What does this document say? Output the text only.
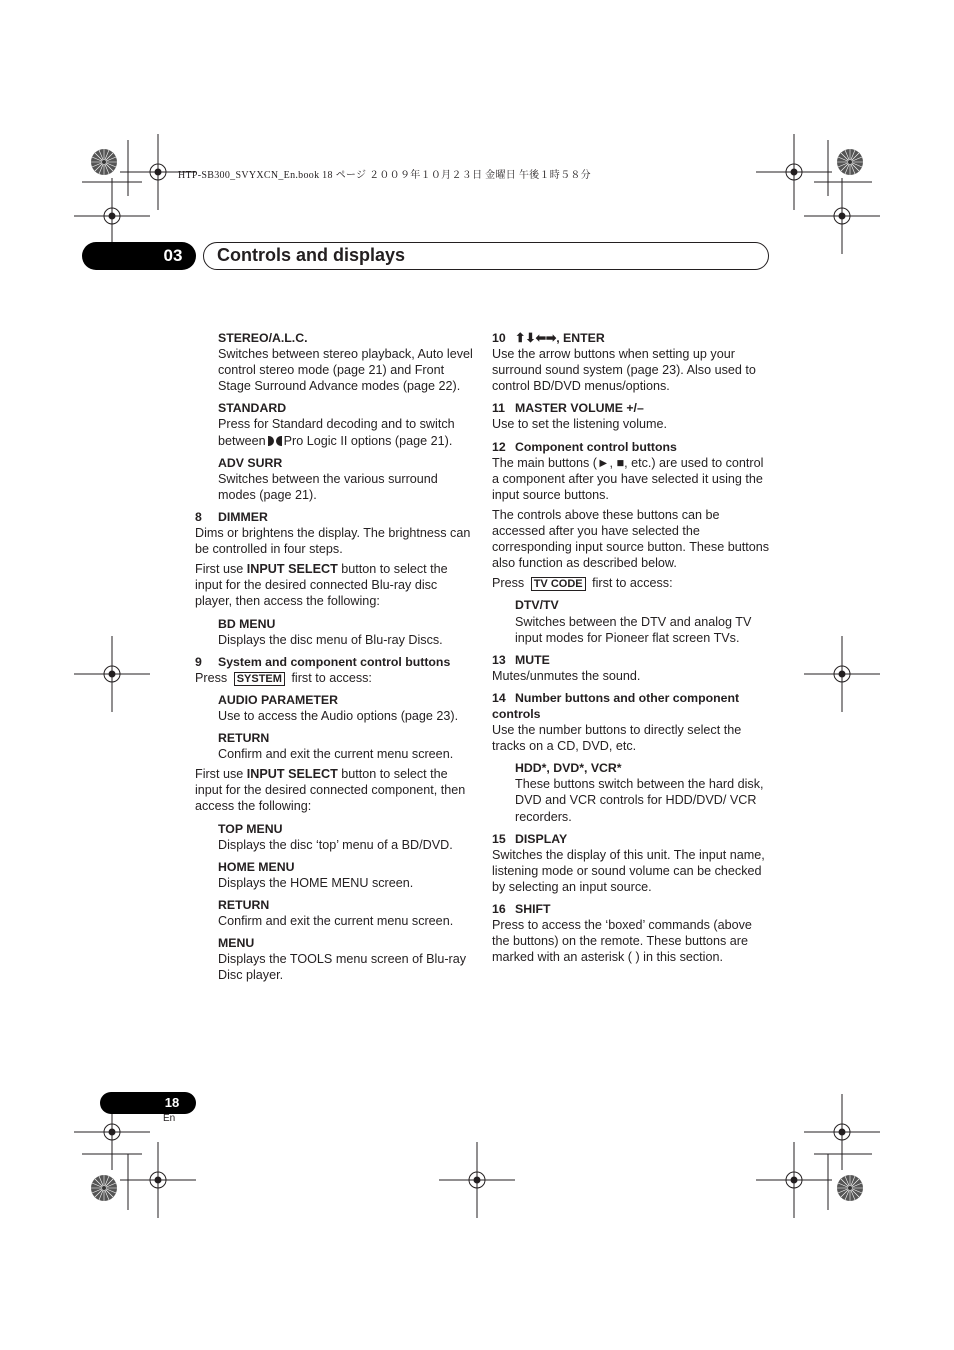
HTP-SB300_SVYXCN_En.book 18 ページ ２００９年１０月２３日 金曜日 午後１時５８分
03	Controls and displays
STEREO/A.L.C.

Switches between stereo playback, Auto level control stereo mode (page 21) and Front Stage Surround Advance modes (page 22).

STANDARD

Press for Standard decoding and to switch between Pro Logic II options (page 21).

ADV SURR

Switches between the various surround modes (page 21).

8 DIMMER

Dims or brightens the display. The brightness can be controlled in four steps.

First use INPUT SELECT button to select the input for the desired connected Blu-ray disc player, then access the following:

BD MENU

Displays the disc menu of Blu-ray Discs.

9 System and component control buttons

Press SYSTEM first to access:

AUDIO PARAMETER

Use to access the Audio options (page 23).

RETURN

Confirm and exit the current menu screen.

First use INPUT SELECT button to select the input for the desired connected component, then access the following:

TOP MENU

Displays the disc ‘top’ menu of a BD/DVD.

HOME MENU

Displays the HOME MENU screen.

RETURN

Confirm and exit the current menu screen.

MENU

Displays the TOOLS menu screen of Blu-ray Disc player.

10 ⬆⬇⬅➡, ENTER

Use the arrow buttons when setting up your surround sound system (page 23). Also used to control BD/DVD menus/options.

11 MASTER VOLUME +/–

Use to set the listening volume.

12 Component control buttons

The main buttons (►, ■, etc.) are used to control a component after you have selected it using the input source buttons.

The controls above these buttons can be accessed after you have selected the corresponding input source button. These buttons also function as described below.

Press TV CODE first to access:

DTV/TV

Switches between the DTV and analog TV input modes for Pioneer flat screen TVs.

13 MUTE

Mutes/unmutes the sound.

14 Number buttons and other component controls

Use the number buttons to directly select the tracks on a CD, DVD, etc.

HDD*, DVD*, VCR*

These buttons switch between the hard disk, DVD and VCR controls for HDD/DVD/ VCR recorders.

15 DISPLAY

Switches the display of this unit. The input name, listening mode or sound volume can be checked by selecting an input source.

16 SHIFT

Press to access the ‘boxed’ commands (above the buttons) on the remote. These buttons are marked with an asterisk ( ) in this section.

18
En
